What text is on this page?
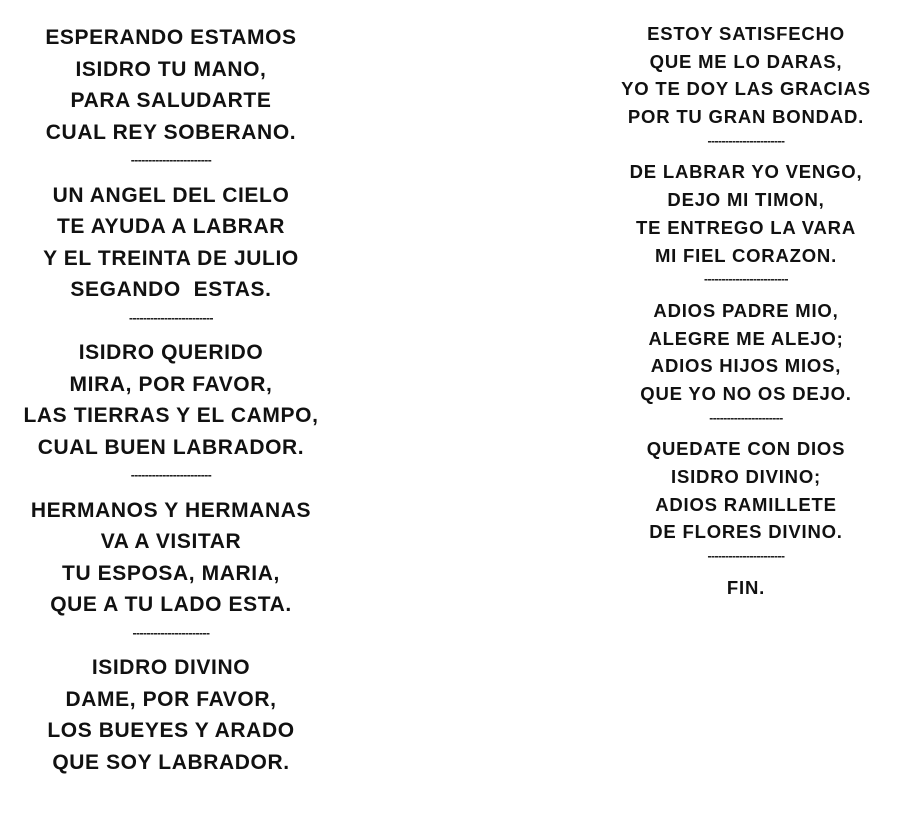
ESPERANDO ESTAMOS
ISIDRO TU MANO,
PARA SALUDARTE
CUAL REY SOBERANO.
-----------------------
UN ANGEL DEL CIELO
TE AYUDA A LABRAR
Y EL TREINTA DE JULIO
SEGANDO  ESTAS.
------------------------
ISIDRO QUERIDO
MIRA, POR FAVOR,
LAS TIERRAS Y EL CAMPO,
CUAL BUEN LABRADOR.
-----------------------
HERMANOS Y HERMANAS
VA A VISITAR
TU ESPOSA, MARIA,
QUE A TU LADO ESTA.
----------------------
ISIDRO DIVINO
DAME, POR FAVOR,
LOS BUEYES Y ARADO
QUE SOY LABRADOR.
ESTOY SATISFECHO
QUE ME LO DARAS,
YO TE DOY LAS GRACIAS
POR TU GRAN BONDAD.
----------------------
DE LABRAR YO VENGO,
DEJO MI TIMON,
TE ENTREGO LA VARA
MI FIEL CORAZON.
------------------------
ADIOS PADRE MIO,
ALEGRE ME ALEJO;
ADIOS HIJOS MIOS,
QUE YO NO OS DEJO.
---------------------
QUEDATE CON DIOS
ISIDRO DIVINO;
ADIOS RAMILLETE
DE FLORES DIVINO.
----------------------
FIN.
